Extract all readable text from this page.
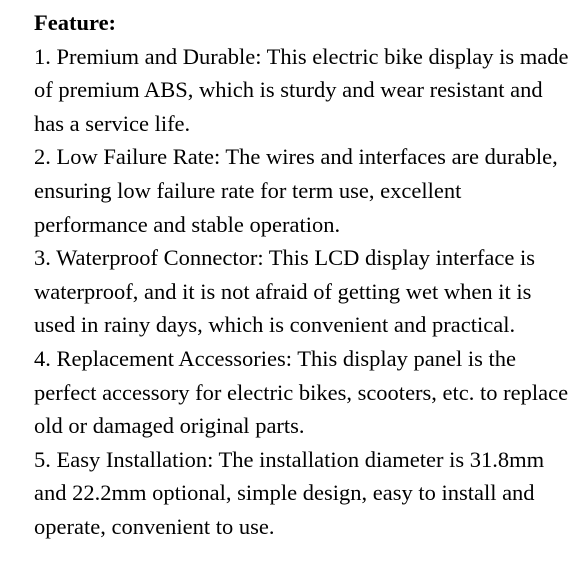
Feature:

1. Premium and Durable: This electric bike display is made of premium ABS, which is sturdy and wear resistant and has a service life.

2. Low Failure Rate: The wires and interfaces are durable, ensuring low failure rate for term use, excellent performance and stable operation.

3. Waterproof Connector: This LCD display interface is waterproof, and it is not afraid of getting wet when it is used in rainy days, which is convenient and practical.

4. Replacement Accessories: This display panel is the perfect accessory for electric bikes, scooters, etc. to replace old or damaged original parts.

5. Easy Installation: The installation diameter is 31.8mm and 22.2mm optional, simple design, easy to install and operate, convenient to use.
